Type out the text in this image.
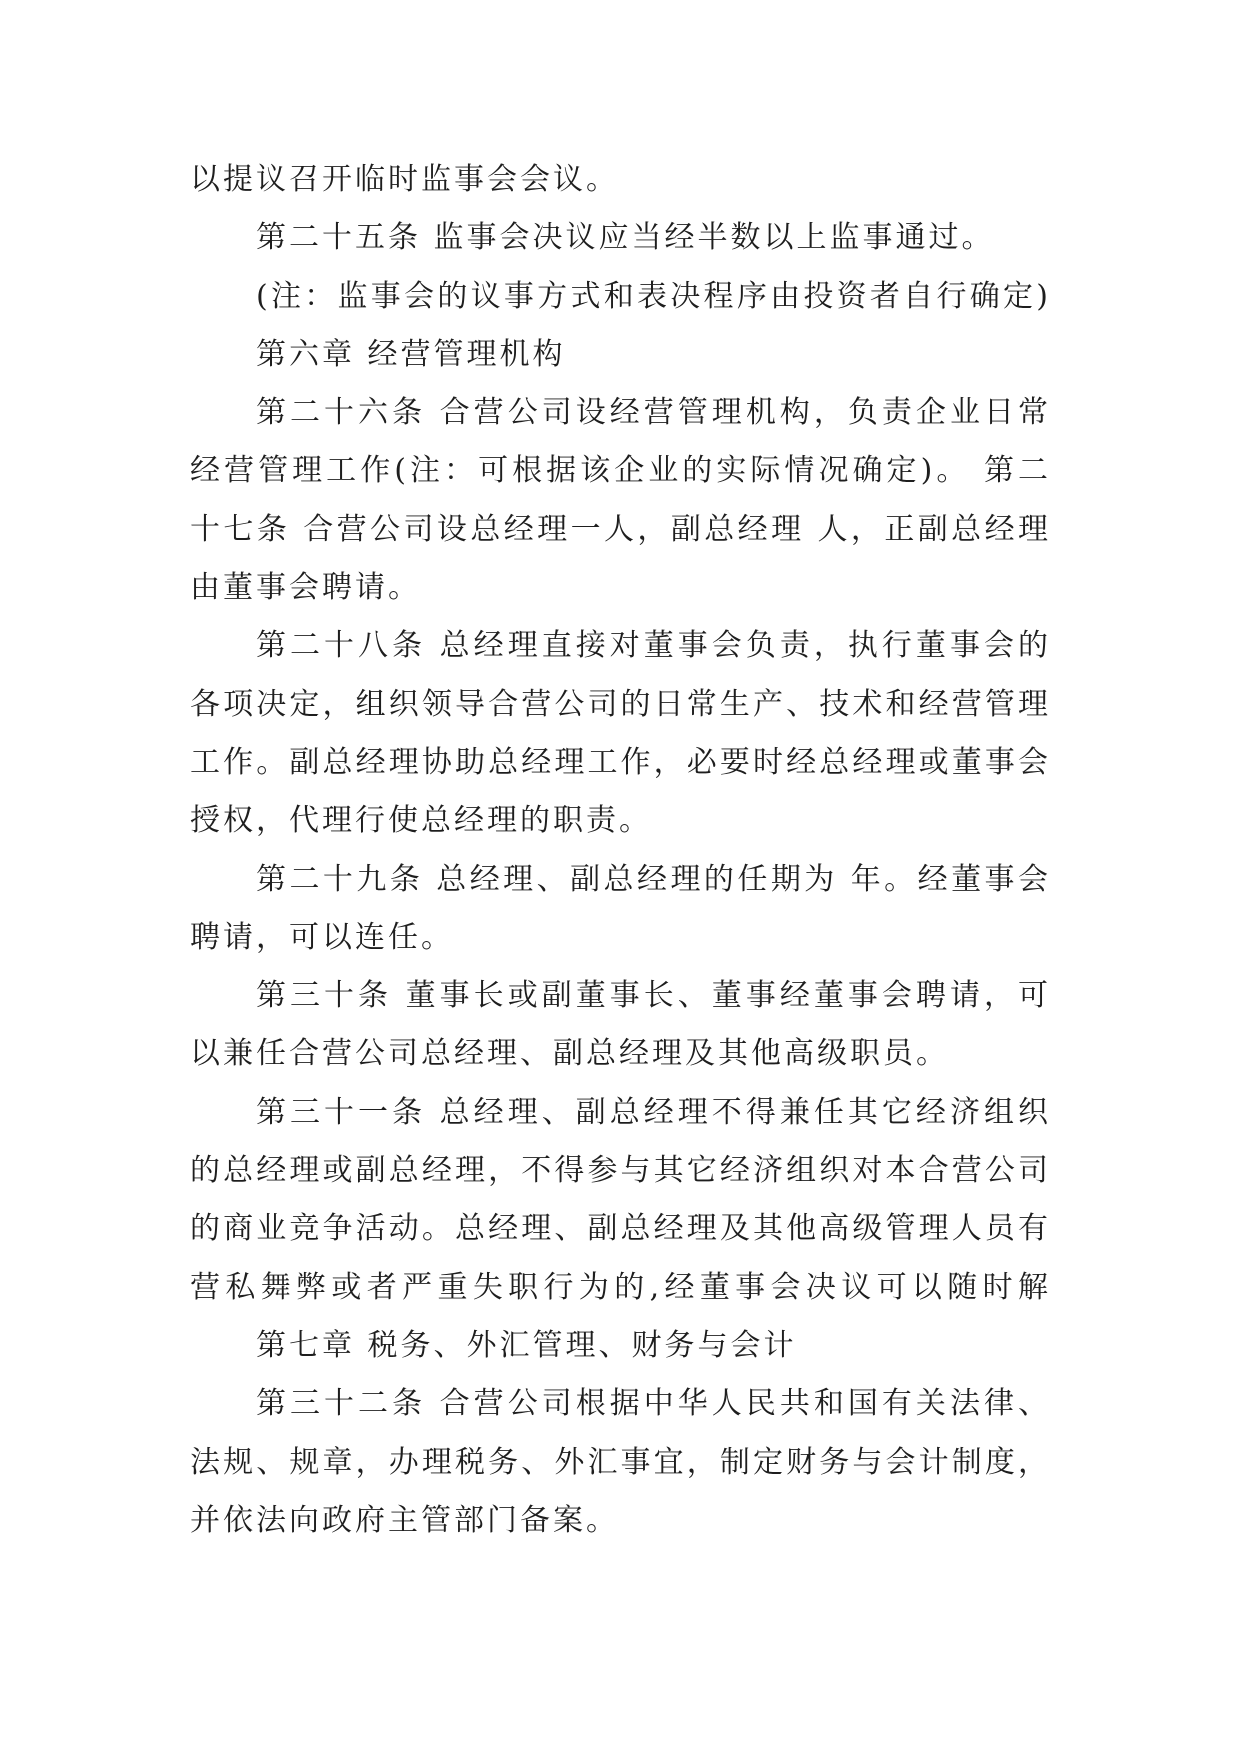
以提议召开临时监事会会议。
第二十五条 监事会决议应当经半数以上监事通过。
(注：监事会的议事方式和表决程序由投资者自行确定)
第六章 经营管理机构
第二十六条 合营公司设经营管理机构，负责企业日常
经营管理工作(注：可根据该企业的实际情况确定)。 第二
十七条 合营公司设总经理一人，副总经理 人，正副总经理
由董事会聘请。
第二十八条 总经理直接对董事会负责，执行董事会的
各项决定，组织领导合营公司的日常生产、技术和经营管理
工作。副总经理协助总经理工作，必要时经总经理或董事会
授权，代理行使总经理的职责。
第二十九条 总经理、副总经理的任期为 年。经董事会
聘请，可以连任。
第三十条 董事长或副董事长、董事经董事会聘请，可
以兼任合营公司总经理、副总经理及其他高级职员。
第三十一条 总经理、副总经理不得兼任其它经济组织
的总经理或副总经理，不得参与其它经济组织对本合营公司
的商业竞争活动。总经理、副总经理及其他高级管理人员有
营私舞弊或者严重失职行为的,经董事会决议可以随时解
第七章 税务、外汇管理、财务与会计
第三十二条 合营公司根据中华人民共和国有关法律、
法规、规章，办理税务、外汇事宜，制定财务与会计制度，
并依法向政府主管部门备案。
